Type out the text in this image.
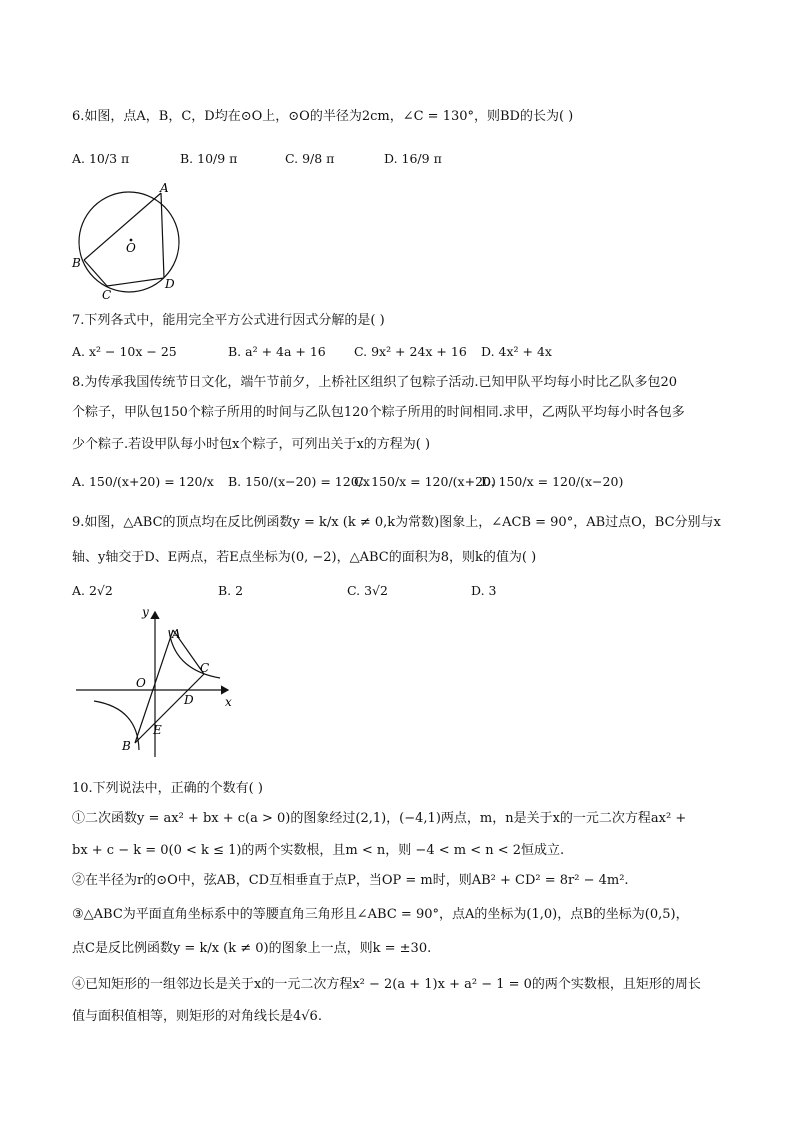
6.如图，点A，B，C，D均在⊙O上，⊙O的半径为2cm，∠C = 130°，则BD的长为( )
A. 10/3 π	B. 10/9 π	C. 9/8 π	D. 16/9 π
A
O
B
C
D
7.下列各式中，能用完全平方公式进行因式分解的是( )
A. x² − 10x − 25	B. a² + 4a + 16 C. 9x² + 24x + 16 D. 4x² + 4x
8.为传承我国传统节日文化，端午节前夕，上桥社区组织了包粽子活动.已知甲队平均每小时比乙队多包20
个粽子，甲队包150个粽子所用的时间与乙队包120个粽子所用的时间相同.求甲，乙两队平均每小时各包多
少个粽子.若设甲队每小时包x个粽子，可列出关于x的方程为( )
A. 150/(x+20) = 120/x B. 150/(x−20) = 120/x
C. 150/x = 120/(x+20)
D. 150/x = 120/(x−20)
9.如图，△ABC的顶点均在反比例函数y = k/x (k ≠ 0,k为常数)图象上，∠ACB = 90°，AB过点O，BC分别与x
轴、y轴交于D、E两点，若E点坐标为(0, −2)，△ABC的面积为8，则k的值为( )
A. 2√2	B. 2	C. 3√2	D. 3
y
x
O
A
C
D
E
B
10.下列说法中，正确的个数有( )
①二次函数y = ax² + bx + c(a > 0)的图象经过(2,1)，(−4,1)两点，m，n是关于x的一元二次方程ax² +
bx + c − k = 0(0 < k ≤ 1)的两个实数根，且m < n，则 −4 < m < n < 2恒成立.
②在半径为r的⊙O中，弦AB，CD互相垂直于点P，当OP = m时，则AB² + CD² = 8r² − 4m².
③△ABC为平面直角坐标系中的等腰直角三角形且∠ABC = 90°，点A的坐标为(1,0)，点B的坐标为(0,5)，
点C是反比例函数y = k/x (k ≠ 0)的图象上一点，则k = ±30.
④已知矩形的一组邻边长是关于x的一元二次方程x² − 2(a + 1)x + a² − 1 = 0的两个实数根，且矩形的周长
值与面积值相等，则矩形的对角线长是4√6.
